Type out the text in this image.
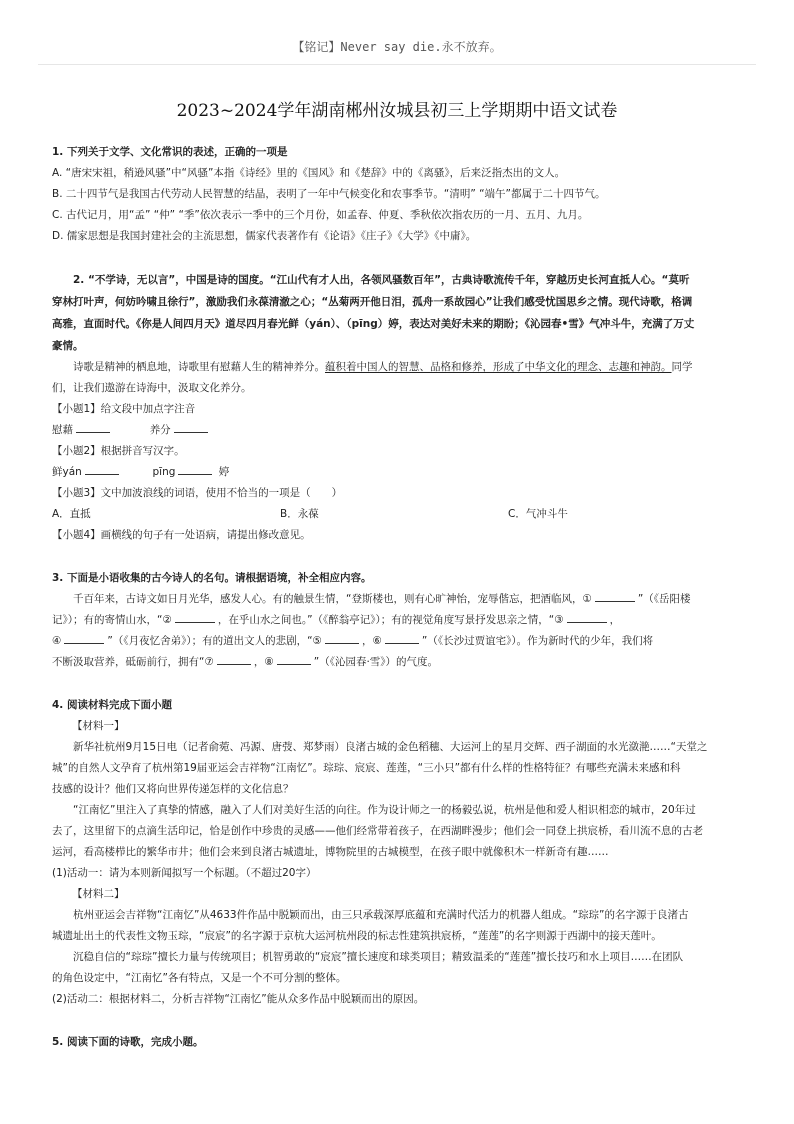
【铭记】Never say die.永不放弃。
2023~2024学年湖南郴州汝城县初三上学期期中语文试卷

1. 下列关于文学、文化常识的表述，正确的一项是

A. “唐宋宋祖，稍逊风骚”中“风骚”本指《诗经》里的《国风》和《楚辞》中的《离骚》，后来泛指杰出的文人。

B. 二十四节气是我国古代劳动人民智慧的结晶，表明了一年中气候变化和农事季节。“清明” “端午”都属于二十四节气。

C. 古代记月，用“孟” “仲” “季”依次表示一季中的三个月份，如孟春、仲夏、季秋依次指农历的一月、五月、九月。

D. 儒家思想是我国封建社会的主流思想，儒家代表著作有《论语》《庄子》《大学》《中庸》。

2. “不学诗，无以言”，中国是诗的国度。“江山代有才人出，各领风骚数百年”，古典诗歌流传千年，穿越历史长河直抵人心。“莫听

穿林打叶声，何妨吟啸且徐行”，激励我们永葆清澈之心；“丛菊两开他日泪，孤舟一系故园心”让我们感受忧国思乡之情。现代诗歌，格调

高雅，直面时代。《你是人间四月天》道尽四月春光鲜（yán）、（pīng）婷，表达对美好未来的期盼；《沁园春•雪》气冲斗牛，充满了万丈

豪情。

诗歌是精神的栖息地，诗歌里有慰藉人生的精神养分。蕴积着中国人的智慧、品格和修养，形成了中华文化的理念、志趣和神韵。同学

们，让我们遨游在诗海中，汲取文化养分。

【小题1】给文段中加点字注音

慰藉	养分

【小题2】根据拼音写汉字。

鲜yán	pīng	婷

【小题3】文中加波浪线的词语，使用不恰当的一项是（　　）

A．直抵	B．永葆	C．气冲斗牛

【小题4】画横线的句子有一处语病，请提出修改意见。

3. 下面是小语收集的古今诗人的名句。请根据语境，补全相应内容。

千百年来，古诗文如日月光华，感发人心。有的触景生情，“登斯楼也，则有心旷神怡，宠辱偕忘，把酒临风，①	”（《岳阳楼

记》）；有的寄情山水，“②	，在乎山水之间也。”（《醉翁亭记》）；有的视觉角度写景抒发思亲之情，“③	，

④	”（《月夜忆舍弟》）；有的道出文人的悲剧，“⑤	，⑥	”（《长沙过贾谊宅》）。作为新时代的少年，我们将

不断汲取营养，砥砺前行，拥有“⑦	，⑧	”（《沁园春·雪》）的气度。

4. 阅读材料完成下面小题

【材料一】

新华社杭州9月15日电（记者俞菀、冯源、唐弢、郑梦雨）良渚古城的金色稻穗、大运河上的星月交辉、西子湖面的水光潋滟……“天堂之

城”的自然人文孕育了杭州第19届亚运会吉祥物“江南忆”。琮琮、宸宸、莲莲，“三小只”都有什么样的性格特征？有哪些充满未来感和科

技感的设计？他们又将向世界传递怎样的文化信息？

“江南忆”里注入了真挚的情感，融入了人们对美好生活的向往。作为设计师之一的杨毅弘说，杭州是他和爱人相识相恋的城市，20年过

去了，这里留下的点滴生活印记，恰是创作中珍贵的灵感——他们经常带着孩子，在西湖畔漫步；他们会一同登上拱宸桥，看川流不息的古老

运河，看高楼栉比的繁华市井；他们会来到良渚古城遗址，博物院里的古城模型，在孩子眼中就像积木一样新奇有趣……

(1)活动一：请为本则新闻拟写一个标题。（不超过20字）

【材料二】

杭州亚运会吉祥物“江南忆”从4633件作品中脱颖而出，由三只承载深厚底蕴和充满时代活力的机器人组成。“琮琮”的名字源于良渚古

城遗址出土的代表性文物玉琮，“宸宸”的名字源于京杭大运河杭州段的标志性建筑拱宸桥，“莲莲”的名字则源于西湖中的接天莲叶。

沉稳自信的“琮琮”擅长力量与传统项目；机智勇敢的“宸宸”擅长速度和球类项目；精致温柔的“莲莲”擅长技巧和水上项目……在团队

的角色设定中，“江南忆”各有特点，又是一个不可分割的整体。

(2)活动二：根据材料二，分析吉祥物“江南忆”能从众多作品中脱颖而出的原因。

5. 阅读下面的诗歌，完成小题。
